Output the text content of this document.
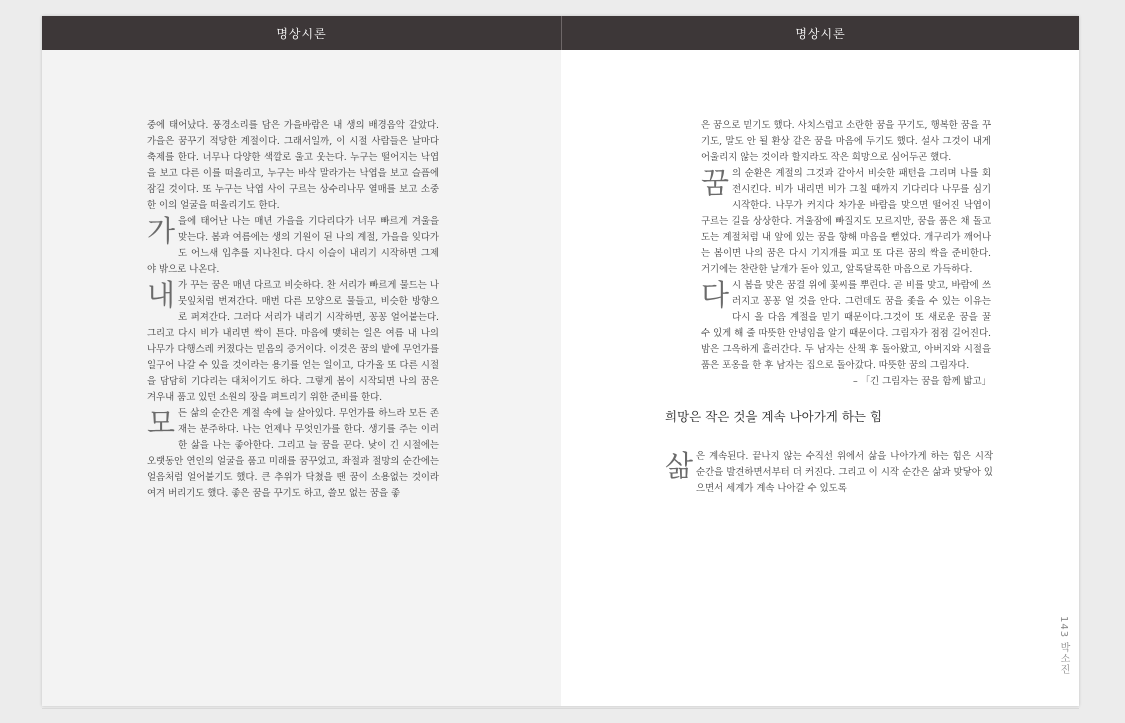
명상시론

중에 태어났다. 풍경소리를 담은 가을바람은 내 생의 배경음악 같았다. 가을은 꿈꾸기 적당한 계절이다. 그래서일까, 이 시절 사람들은 날마다 축제를 한다. 너무나 다양한 색깔로 울고 웃는다. 누구는 떨어지는 낙엽을 보고 다른 이를 떠올리고, 누구는 바삭 말라가는 낙엽을 보고 슬픔에 잠길 것이다. 또 누구는 낙엽 사이 구르는 상수리나무 열매를 보고 소중한 이의 얼굴을 떠올리기도 한다.

가을에 태어난 나는 매년 가을을 기다리다가 너무 빠르게 겨울을 맞는다. 봄과 여름에는 생의 기원이 된 나의 계절, 가을을 잊다가도 어느새 입추를 지나친다. 다시 이슬이 내리기 시작하면 그제야 밖으로 나온다.

내가 꾸는 꿈은 매년 다르고 비슷하다. 찬 서리가 빠르게 물드는 나뭇잎처럼 번져간다. 매번 다른 모양으로 물들고, 비슷한 방향으로 퍼져간다. 그러다 서리가 내리기 시작하면, 꽁꽁 얼어붙는다. 그리고 다시 비가 내리면 싹이 튼다. 마음에 맺히는 일은 여름 내 나의 나무가 다행스레 커졌다는 믿음의 증거이다. 이것은 꿈의 밭에 무언가를 일구어 나갈 수 있을 것이라는 용기를 얻는 일이고, 다가올 또 다른 시절을 담담히 기다리는 대처이기도 하다. 그렇게 봄이 시작되면 나의 꿈은 겨우내 품고 있던 소원의 장을 펴트리기 위한 준비를 한다.

모든 삶의 순간은 계절 속에 늘 살아있다. 무언가를 하느라 모든 존재는 분주하다. 나는 언제나 무엇인가를 한다. 생기를 주는 이러한 삶을 나는 좋아한다. 그리고 늘 꿈을 꾼다. 낮이 긴 시절에는 오랫동안 연인의 얼굴을 품고 미래를 꿈꾸었고, 좌절과 절망의 순간에는 얼음처럼 얼어붙기도 했다. 큰 추위가 닥쳤을 땐 꿈이 소용없는 것이라 여겨 버리기도 했다. 좋은 꿈을 꾸기도 하고, 쓸모 없는 꿈을 좋

명상시론

은 꿈으로 믿기도 했다. 사치스럽고 소란한 꿈을 꾸기도, 행복한 꿈을 꾸기도, 말도 안 될 환상 같은 꿈을 마음에 두기도 했다. 설사 그것이 내게 어울리지 않는 것이라 할지라도 작은 희망으로 심어두곤 했다.

꿈의 순환은 계절의 그것과 같아서 비슷한 패턴을 그리며 나를 회전시킨다. 비가 내리면 비가 그칠 때까지 기다리다 나무를 심기 시작한다. 나무가 커지다 차가운 바람을 맞으면 떨어진 낙엽이 구르는 길을 상상한다. 겨울잠에 빠질지도 모르지만, 꿈을 품은 채 돌고 도는 계절처럼 내 앞에 있는 꿈을 향해 마음을 뻗었다. 개구리가 깨어나는 봄이면 나의 꿈은 다시 기지개를 피고 또 다른 꿈의 싹을 준비한다. 거기에는 찬란한 날개가 돋아 있고, 알록달록한 마음으로 가득하다.

다시 봄을 맞은 꿈결 위에 꽃씨를 뿌린다. 곧 비를 맞고, 바람에 쓰러지고 꽁꽁 얼 것을 안다. 그런데도 꿈을 좇을 수 있는 이유는 다시 올 다음 계절을 믿기 때문이다.그것이 또 새로운 꿈을 꿀 수 있게 해 줄 따뜻한 안녕임을 알기 때문이다. 그림자가 점점 길어진다. 밤은 그윽하게 흘러간다. 두 남자는 산책 후 돌아왔고, 아버지와 시절을 품은 포옹을 한 후 남자는 집으로 돌아갔다. 따뜻한 꿈의 그림자다.

– 「긴 그림자는 꿈을 함께 밟고」

희망은 작은 것을 계속 나아가게 하는 힘

삶은 계속된다. 끝나지 않는 수직선 위에서 삶을 나아가게 하는 힘은 시작 순간을 발견하면서부터 더 커진다. 그리고 이 시작 순간은 삶과 맞닿아 있으면서 세계가 계속 나아갈 수 있도록

143 박소진
